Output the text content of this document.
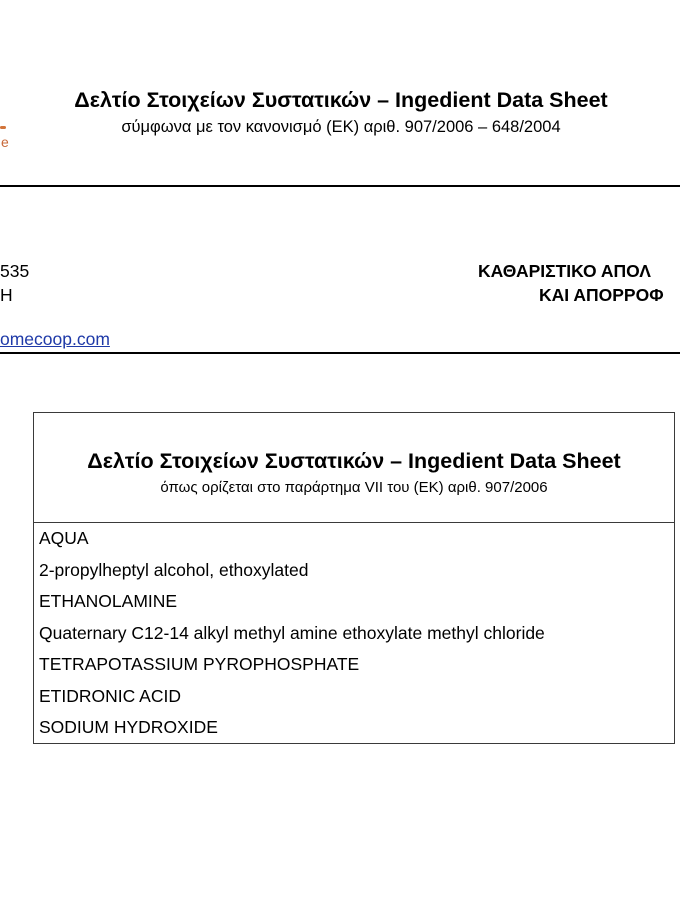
e
Δελτίο Στοιχείων Συστατικών – Ingedient Data Sheet
σύμφωνα με τον κανονισμό (ΕΚ) αριθ. 907/2006 – 648/2004
535
Η
omecoop.com
ΚΑΘΑΡΙΣΤΙΚΟ ΑΠΟΛ
ΚΑΙ ΑΠΟΡΡΟΦ
Δελτίο Στοιχείων Συστατικών – Ingedient Data Sheet
όπως ορίζεται στο παράρτημα VII του (ΕΚ) αριθ. 907/2006
AQUA
2-propylheptyl alcohol, ethoxylated
ETHANOLAMINE
Quaternary C12-14 alkyl methyl amine ethoxylate methyl chloride
TETRAPOTASSIUM PYROPHOSPHATE
ETIDRONIC ACID
SODIUM HYDROXIDE
